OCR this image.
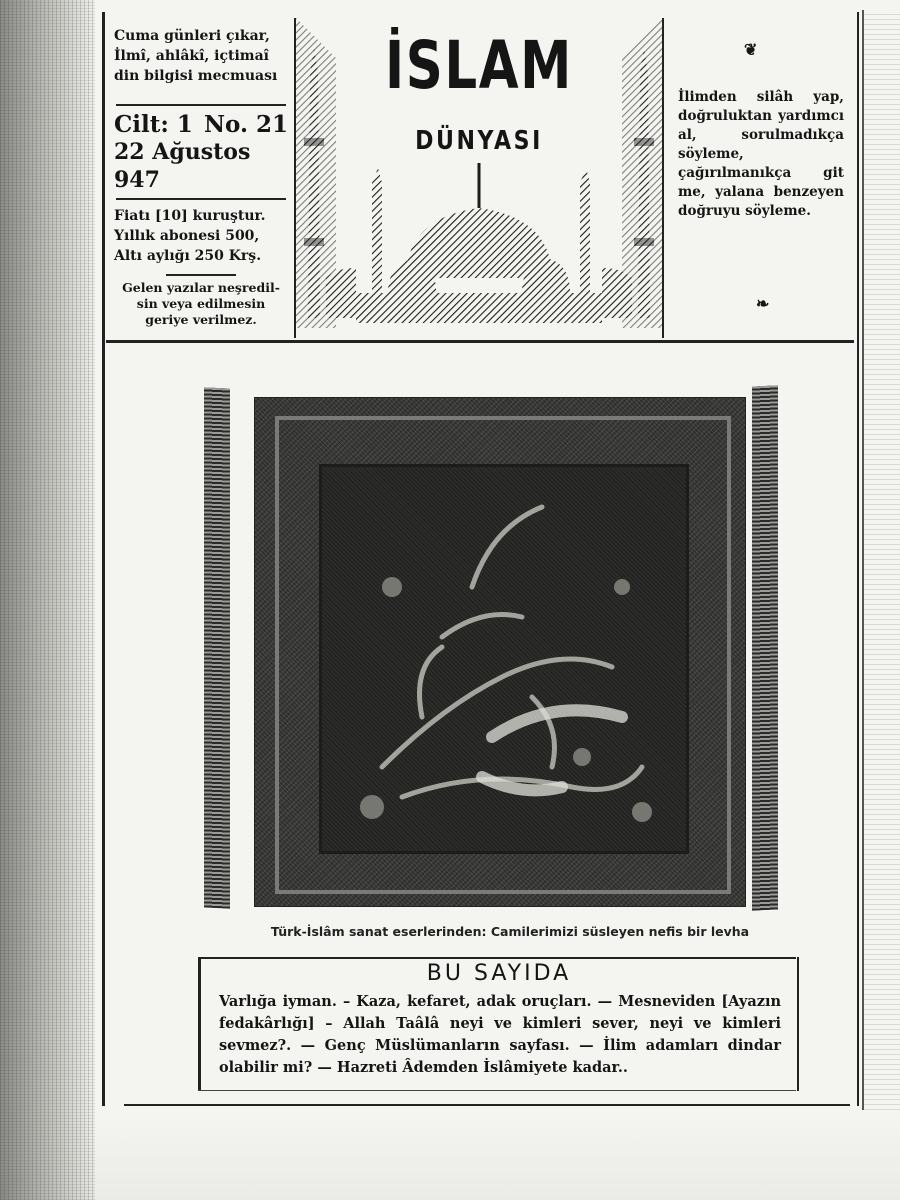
Cuma günleri çıkar, İlmî, ahlâkî, içtimaî din bilgisi mecmuası
Cilt: 1 No. 21
22 Ağustos 947
Fiatı [10] kuruştur. Yıllık abonesi 500, Altı aylığı 250 Krş.
Gelen yazılar neşredil-sin veya edilmesin geriye verilmez.
İSLAM
DÜNYASI
❦
İlimden silâh yap, doğruluktan yardımcı al, sorulmadıkça söyleme, çağırılmanıkça git me, yalana benzeyen doğruyu söyleme.
❧
Türk-İslâm sanat eserlerinden: Camilerimizi süsleyen nefis bir levha
BU SAYIDA
Varlığa iyman. – Kaza, kefaret, adak oruçları. — Mesneviden [Ayazın fedakârlığı] – Allah Taâlâ neyi ve kimleri sever, neyi ve kimleri sevmez?. — Genç Müslümanların sayfası. — İlim adamları dindar olabilir mi? — Hazreti Âdemden İslâmiyete kadar..
